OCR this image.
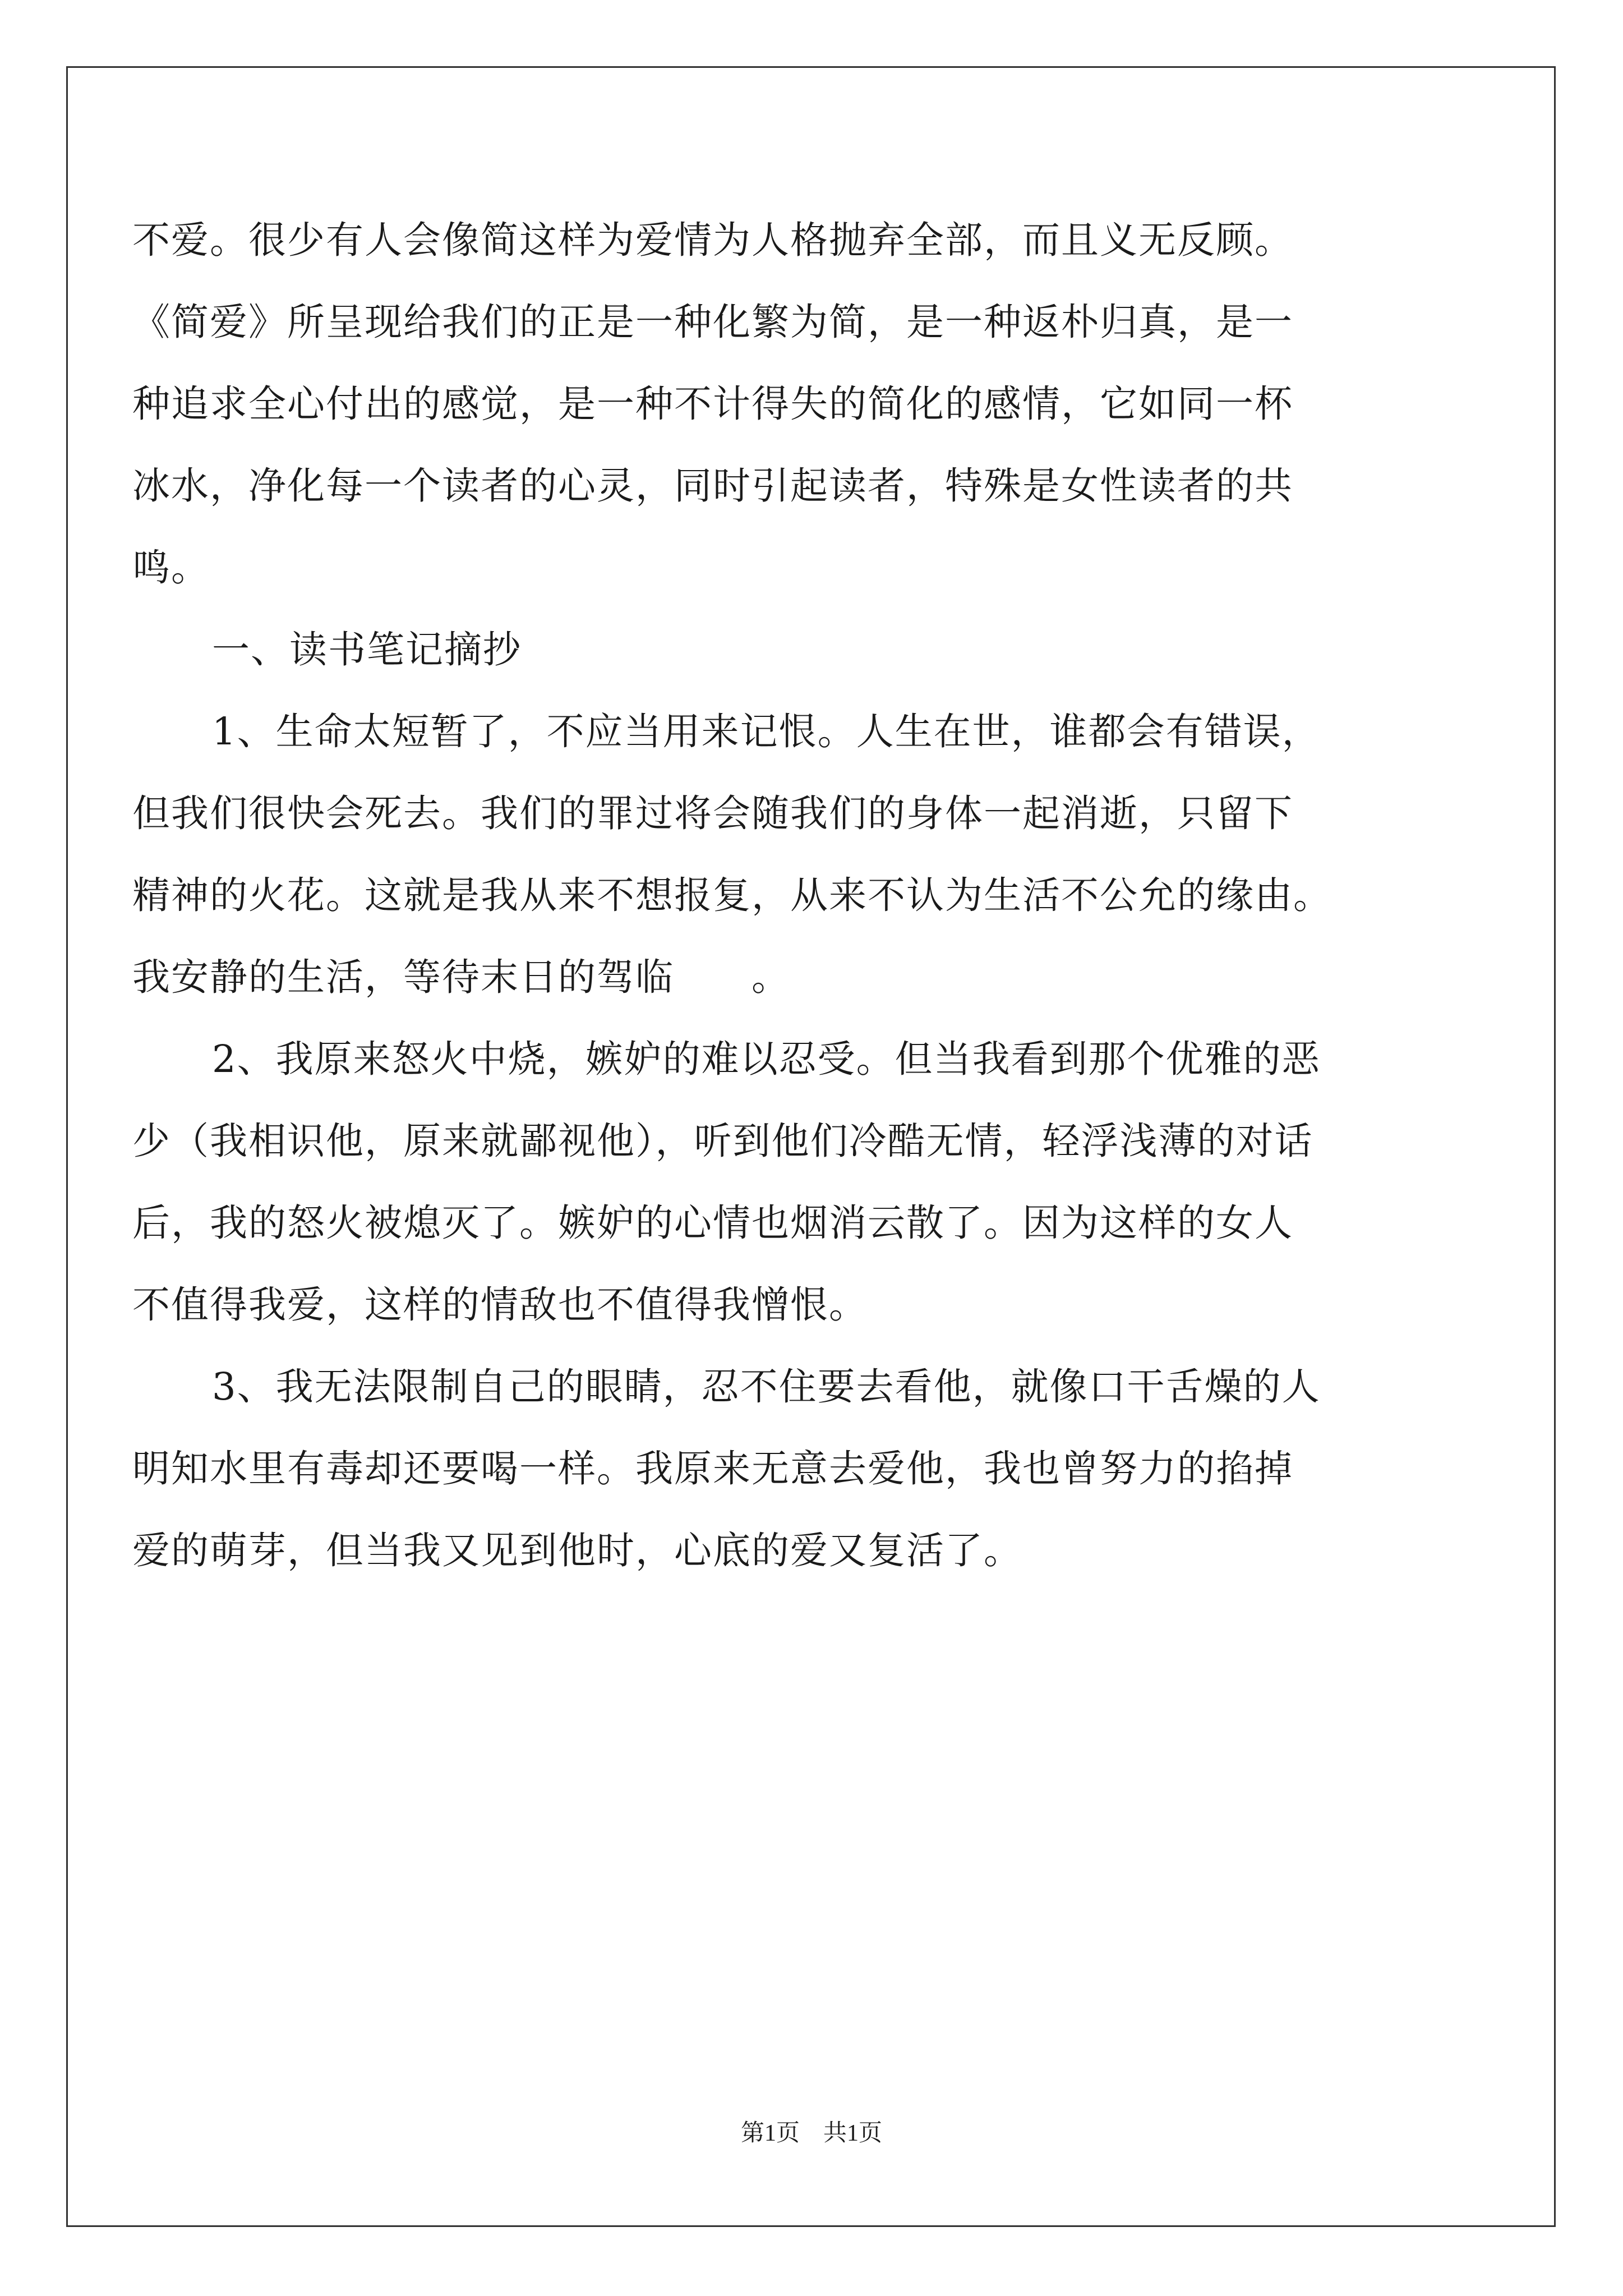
不爱。很少有人会像简这样为爱情为人格抛弃全部，而且义无反顾。
《简爱》所呈现给我们的正是一种化繁为简，是一种返朴归真，是一
种追求全心付出的感觉，是一种不计得失的简化的感情，它如同一杯
冰水，净化每一个读者的心灵，同时引起读者，特殊是女性读者的共
鸣。
一、读书笔记摘抄
1、生命太短暂了，不应当用来记恨。人生在世，谁都会有错误，
但我们很快会死去。我们的罪过将会随我们的身体一起消逝，只留下
精神的火花。这就是我从来不想报复，从来不认为生活不公允的缘由。
我安静的生活，等待末日的驾临　　。
2、我原来怒火中烧，嫉妒的难以忍受。但当我看到那个优雅的恶
少（我相识他，原来就鄙视他），听到他们冷酷无情，轻浮浅薄的对话
后，我的怒火被熄灭了。嫉妒的心情也烟消云散了。因为这样的女人
不值得我爱，这样的情敌也不值得我憎恨。
3、我无法限制自己的眼睛，忍不住要去看他，就像口干舌燥的人
明知水里有毒却还要喝一样。我原来无意去爱他，我也曾努力的掐掉
爱的萌芽，但当我又见到他时，心底的爱又复活了。
第1页　共1页
